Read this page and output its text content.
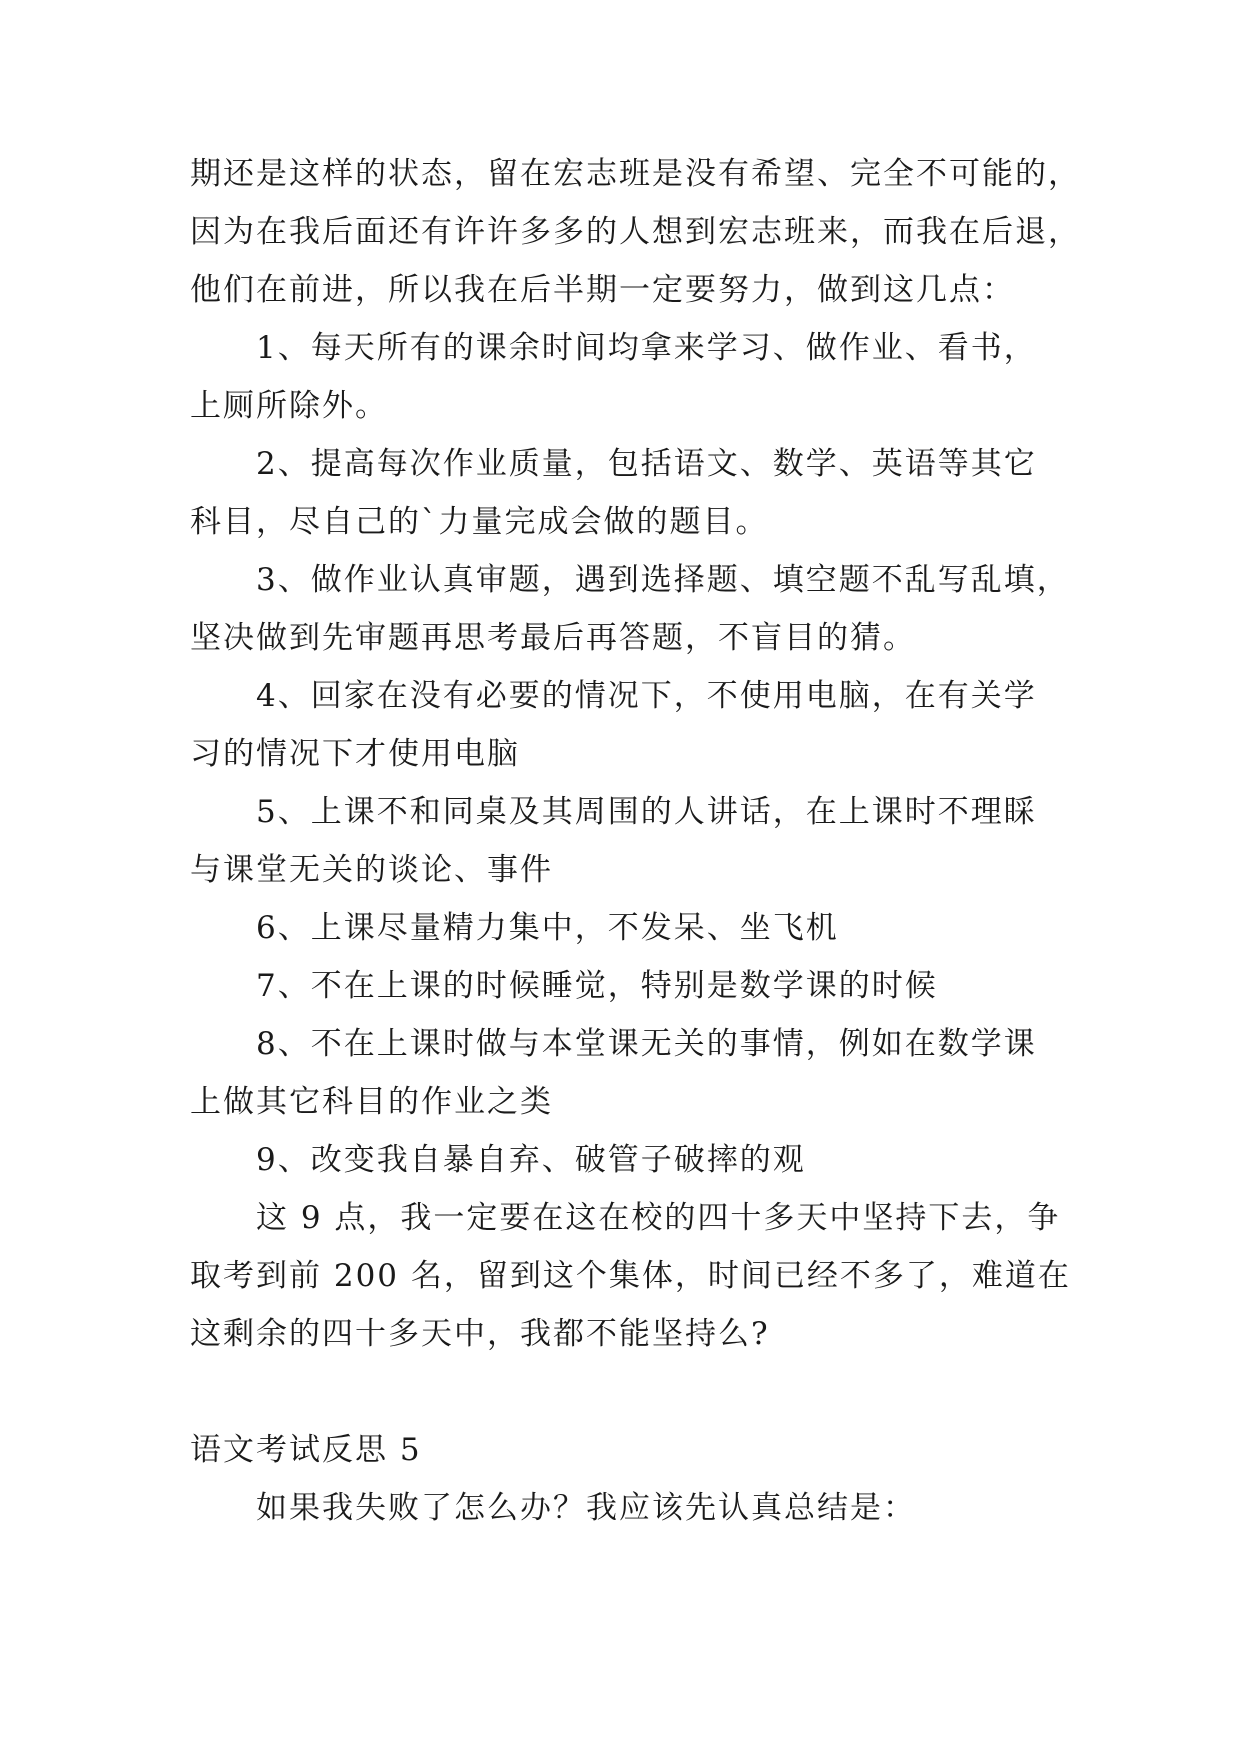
期还是这样的状态，留在宏志班是没有希望、完全不可能的，
因为在我后面还有许许多多的人想到宏志班来，而我在后退，
他们在前进，所以我在后半期一定要努力，做到这几点：
1、每天所有的课余时间均拿来学习、做作业、看书，
上厕所除外。
2、提高每次作业质量，包括语文、数学、英语等其它
科目，尽自己的`力量完成会做的题目。
3、做作业认真审题，遇到选择题、填空题不乱写乱填，
坚决做到先审题再思考最后再答题，不盲目的猜。
4、回家在没有必要的情况下，不使用电脑，在有关学
习的情况下才使用电脑
5、上课不和同桌及其周围的人讲话，在上课时不理睬
与课堂无关的谈论、事件
6、上课尽量精力集中，不发呆、坐飞机
7、不在上课的时候睡觉，特别是数学课的时候
8、不在上课时做与本堂课无关的事情，例如在数学课
上做其它科目的作业之类
9、改变我自暴自弃、破管子破摔的观
这 9 点，我一定要在这在校的四十多天中坚持下去，争
取考到前 200 名，留到这个集体，时间已经不多了，难道在
这剩余的四十多天中，我都不能坚持么?
语文考试反思 5
如果我失败了怎么办？我应该先认真总结是：
